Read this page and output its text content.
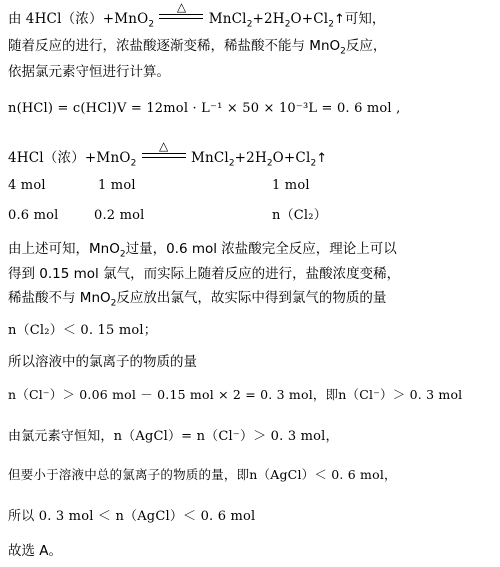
由 4HCl（浓）+MnO$_2$
△
$MnCl_2+2H_2O+Cl_2↑$可知，
随着反应的进行，浓盐酸逐渐变稀，稀盐酸不能与 MnO$_2$反应，
依据氯元素守恒进行计算。
n(HCl) = c(HCl)V = 12mol · L⁻¹ × 50 × 10⁻³L = 0. 6 mol ,
4HCl（浓）+MnO$_2$
△
$MnCl_2+2H_2O+Cl_2↑$
4 mol	1 mol	1 mol
0.6 mol	0.2 mol	n（Cl₂）
由上述可知，MnO$_2$过量，0.6 mol 浓盐酸完全反应，理论上可以
得到 0.15 mol 氯气，而实际上随着反应的进行，盐酸浓度变稀，
稀盐酸不与 MnO$_2$反应放出氯气，故实际中得到氯气的物质的量
n（Cl₂）＜ 0. 15 mol；
所以溶液中的氯离子的物质的量
n（Cl⁻）＞ 0.06 mol － 0.15 mol × 2 = 0. 3 mol，即n（Cl⁻）＞ 0. 3 mol
由氯元素守恒知，n（AgCl）= n（Cl⁻）＞ 0. 3 mol，
但要小于溶液中总的氯离子的物质的量，即n（AgCl）＜ 0. 6 mol，
所以 0. 3 mol ＜ n（AgCl）＜ 0. 6 mol
故选 A。
